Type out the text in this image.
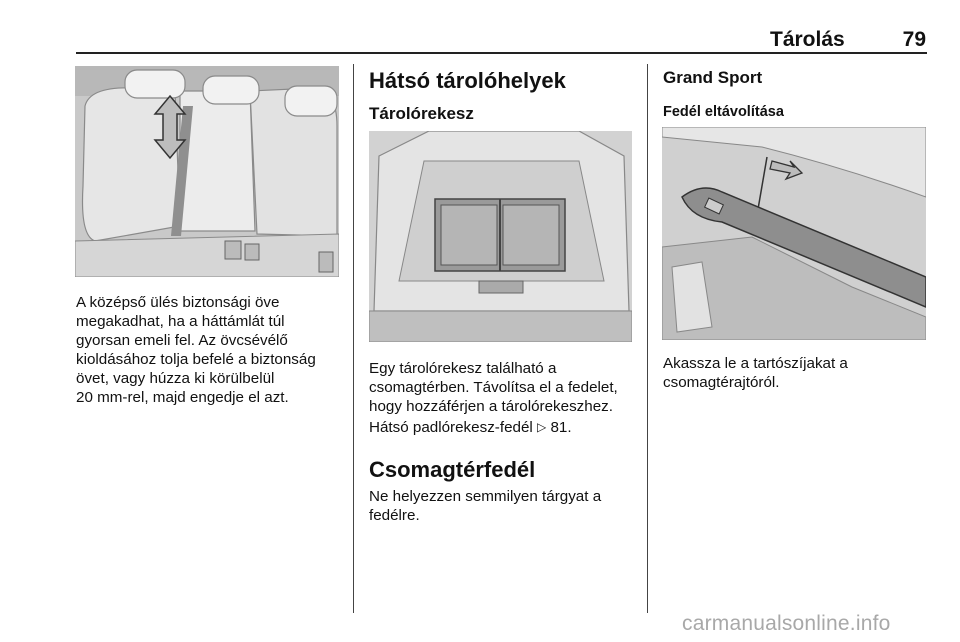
Tárolás	79

A középső ülés biztonsági öve

megakadhat, ha a háttámlát túl

gyorsan emeli fel. Az övcsévélő

kioldásához tolja befelé a biztonság

övet, vagy húzza ki körülbelül

20 mm-rel, majd engedje el azt.

Hátsó tárolóhelyek
Tárolórekesz

Egy tárolórekesz található a

csomagtérben. Távolítsa el a fedelet,

hogy hozzáférjen a tárolórekeszhez.

Hátsó padlórekesz-fedél ▷ 81.
Csomagtérfedél

Ne helyezzen semmilyen tárgyat a

fedélre.

Grand Sport
Fedél eltávolítása

Akassza le a tartószíjakat a

csomagtérajtóról.

carmanualsonline.info
